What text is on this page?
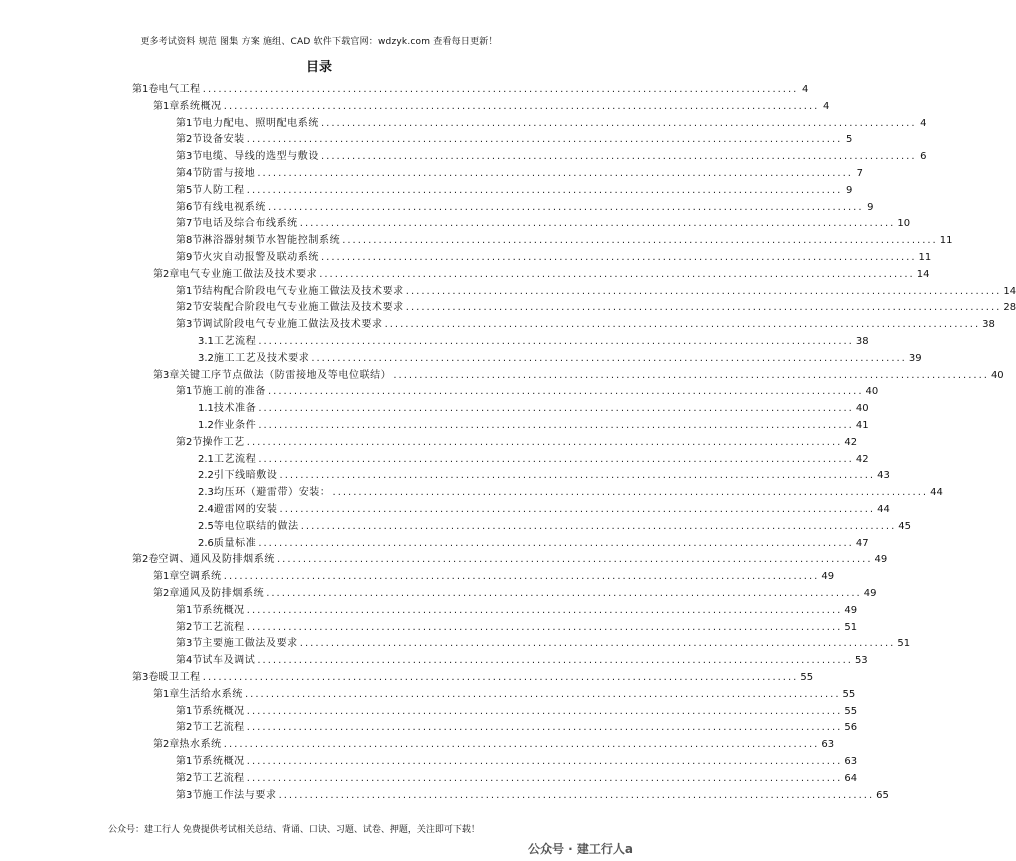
更多考试资料 规范 图集 方案 施组、CAD 软件下载官网：wdzyk.com 查看每日更新！
目录
第1卷 电气工程 ................................................................................................................... 4
第1章 系统概况 ................................................................................................................... 4
第1节 电力配电、照明配电系统 ................................................................................................................... 4
第2节 设备安装 ................................................................................................................... 5
第3节 电缆、导线的选型与敷设 ................................................................................................................... 6
第4节 防雷与接地 ................................................................................................................... 7
第5节 人防工程 ................................................................................................................... 9
第6节 有线电视系统 ................................................................................................................... 9
第7节 电话及综合布线系统 ................................................................................................................... 10
第8节 淋浴器射频节水智能控制系统 ................................................................................................................... 11
第9节 火灾自动报警及联动系统 ................................................................................................................... 11
第2章 电气专业施工做法及技术要求 ................................................................................................................... 14
第1节 结构配合阶段电气专业施工做法及技术要求 ................................................................................................................... 14
第2节 安装配合阶段电气专业施工做法及技术要求 ................................................................................................................... 28
第3节 调试阶段电气专业施工做法及技术要求 ................................................................................................................... 38
3.1 工艺流程 ................................................................................................................... 38
3.2 施工工艺及技术要求 ................................................................................................................... 39
第3章 关键工序节点做法（防雷接地及等电位联结） ................................................................................................................... 40
第1节 施工前的准备 ................................................................................................................... 40
1.1 技术准备 ................................................................................................................... 40
1.2 作业条件 ................................................................................................................... 41
第2节 操作工艺 ................................................................................................................... 42
2.1 工艺流程 ................................................................................................................... 42
2.2 引下线暗敷设 ................................................................................................................... 43
2.3 均压环（避雷带）安装： ................................................................................................................... 44
2.4 避雷网的安装 ................................................................................................................... 44
2.5 等电位联结的做法 ................................................................................................................... 45
2.6 质量标准 ................................................................................................................... 47
第2卷 空调、通风及防排烟系统 ................................................................................................................... 49
第1章 空调系统 ................................................................................................................... 49
第2章 通风及防排烟系统 ................................................................................................................... 49
第1节 系统概况 ................................................................................................................... 49
第2节 工艺流程 ................................................................................................................... 51
第3节 主要施工做法及要求 ................................................................................................................... 51
第4节 试车及调试 ................................................................................................................... 53
第3卷 暖卫工程 ................................................................................................................... 55
第1章 生活给水系统 ................................................................................................................... 55
第1节 系统概况 ................................................................................................................... 55
第2节 工艺流程 ................................................................................................................... 56
第2章 热水系统 ................................................................................................................... 63
第1节 系统概况 ................................................................................................................... 63
第2节 工艺流程 ................................................................................................................... 64
第3节 施工作法与要求 ................................................................................................................... 65
公众号：建工行人 免费提供考试相关总结、背诵、口诀、习题、试卷、押题，关注即可下载！
公众号 · 建工行人a
